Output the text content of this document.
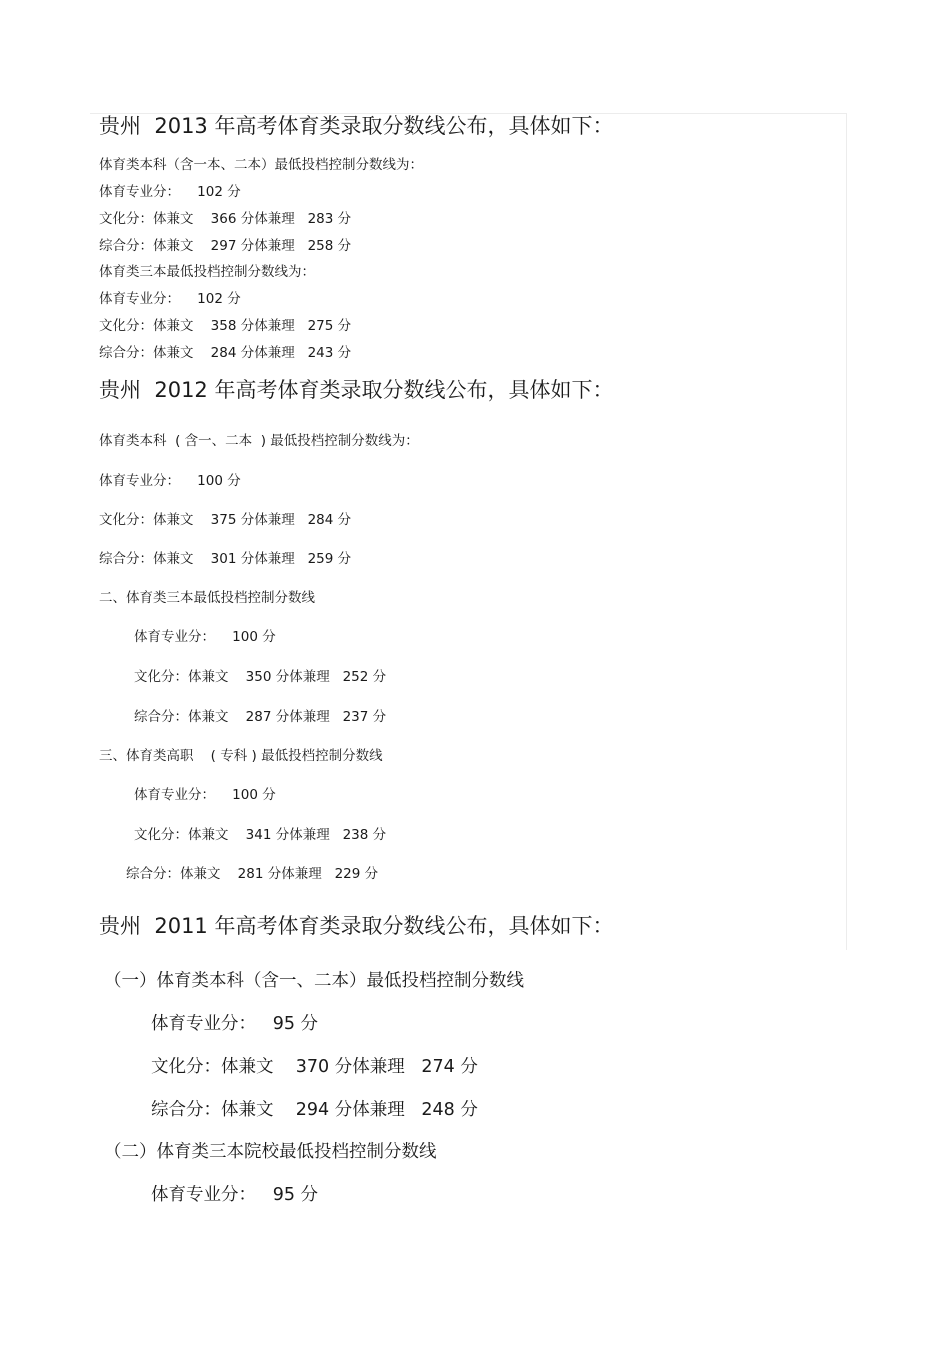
贵州  2013 年高考体育类录取分数线公布，具体如下：
体育类本科（含一本、二本）最低投档控制分数线为：
体育专业分：    102 分
文化分：体兼文    366 分体兼理   283 分
综合分：体兼文    297 分体兼理   258 分
体育类三本最低投档控制分数线为：
体育专业分：    102 分
文化分：体兼文    358 分体兼理   275 分
综合分：体兼文    284 分体兼理   243 分
贵州  2012 年高考体育类录取分数线公布，具体如下：
体育类本科  ( 含一、二本  ) 最低投档控制分数线为：
体育专业分：    100 分
文化分：体兼文    375 分体兼理   284 分
综合分：体兼文    301 分体兼理   259 分
二、体育类三本最低投档控制分数线
体育专业分：    100 分
文化分：体兼文    350 分体兼理   252 分
综合分：体兼文    287 分体兼理   237 分
三、体育类高职    ( 专科 ) 最低投档控制分数线
体育专业分：    100 分
文化分：体兼文    341 分体兼理   238 分
综合分：体兼文    281 分体兼理   229 分
贵州  2011 年高考体育类录取分数线公布，具体如下：
（一）体育类本科（含一、二本）最低投档控制分数线
体育专业分：   95 分
文化分：体兼文    370 分体兼理   274 分
综合分：体兼文    294 分体兼理   248 分
（二）体育类三本院校最低投档控制分数线
体育专业分：   95 分
